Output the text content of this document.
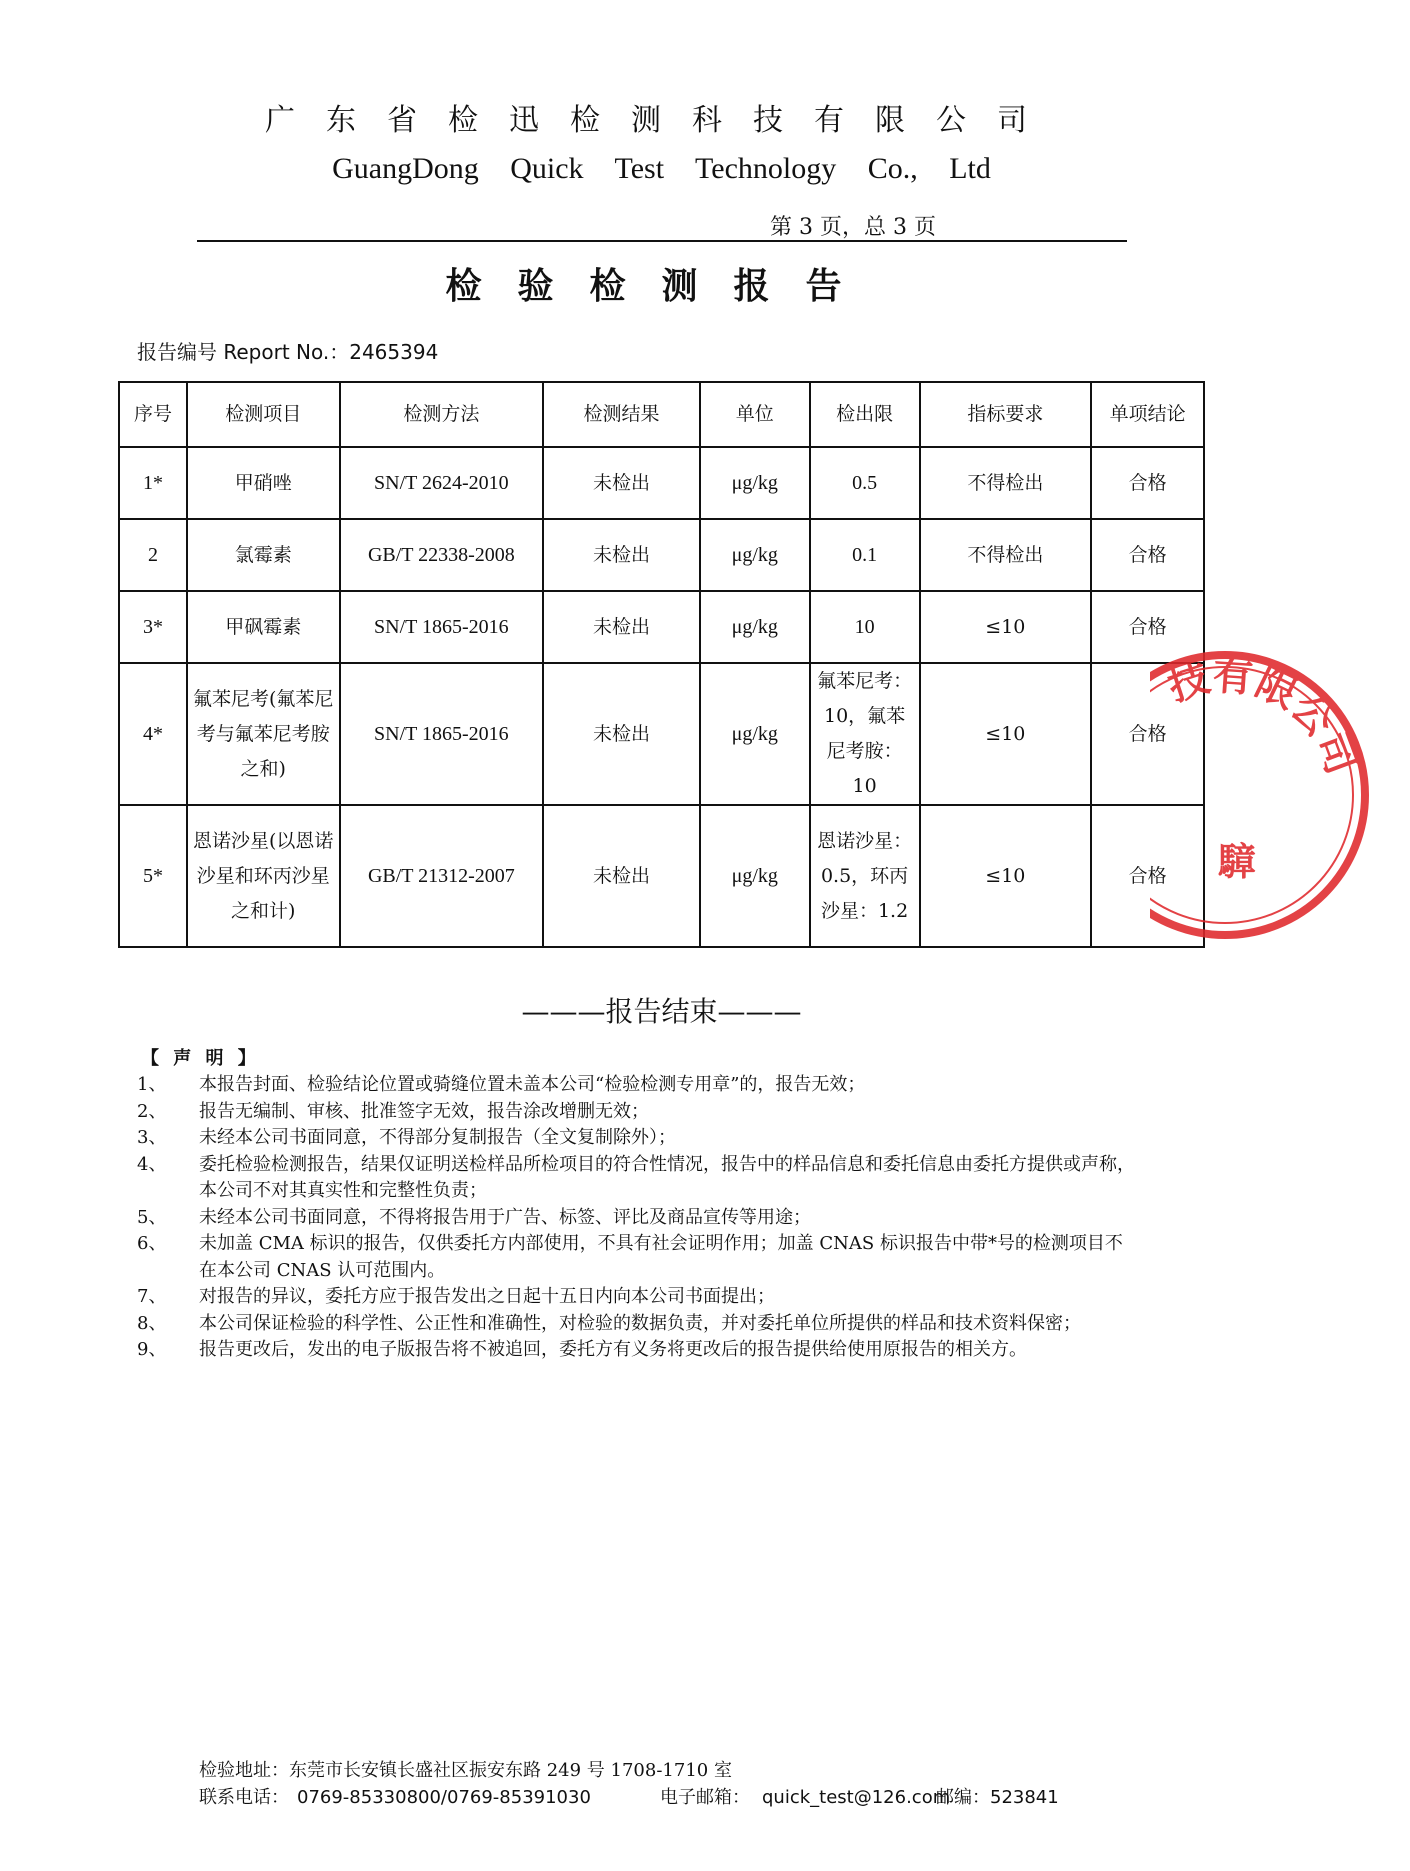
广东省检迅检测科技有限公司
GuangDong Quick Test Technology Co., Ltd
第 3 页，总 3 页
检验检测报告
报告编号 Report No.：2465394
序号	检测项目	检测方法	检测结果	单位	检出限	指标要求	单项结论
1*	甲硝唑	SN/T 2624-2010	未检出	μg/kg	0.5	不得检出	合格
2	氯霉素	GB/T 22338-2008	未检出	μg/kg	0.1	不得检出	合格
3*	甲砜霉素	SN/T 1865-2016	未检出	μg/kg	10	≤10	合格
4*	氟苯尼考(氟苯尼考与氟苯尼考胺之和)	SN/T 1865-2016	未检出	μg/kg	氟苯尼考：10，氟苯尼考胺：10	≤10	合格
5*	恩诺沙星(以恩诺沙星和环丙沙星之和计)	GB/T 21312-2007	未检出	μg/kg	恩诺沙星：0.5，环丙沙星：1.2	≤10	合格
———报告结束———
【 声 明 】
1、	本报告封面、检验结论位置或骑缝位置未盖本公司“检验检测专用章”的，报告无效；
2、	报告无编制、审核、批准签字无效，报告涂改增删无效；
3、	未经本公司书面同意，不得部分复制报告（全文复制除外）；
4、	委托检验检测报告，结果仅证明送检样品所检项目的符合性情况，报告中的样品信息和委托信息由委托方提供或声称，本公司不对其真实性和完整性负责；
5、	未经本公司书面同意，不得将报告用于广告、标签、评比及商品宣传等用途；
6、	未加盖 CMA 标识的报告，仅供委托方内部使用，不具有社会证明作用；加盖 CNAS 标识报告中带*号的检测项目不在本公司 CNAS 认可范围内。
7、	对报告的异议，委托方应于报告发出之日起十五日内向本公司书面提出；
8、	本公司保证检验的科学性、公正性和准确性，对检验的数据负责，并对委托单位所提供的样品和技术资料保密；
9、	报告更改后，发出的电子版报告将不被追回，委托方有义务将更改后的报告提供给使用原报告的相关方。
检验地址： 东莞市长安镇长盛社区振安东路 249 号 1708-1710 室
联系电话： 0769-85330800/0769-85391030	电子邮箱： quick_test@126.com
邮编： 523841
技有限公司
騿
